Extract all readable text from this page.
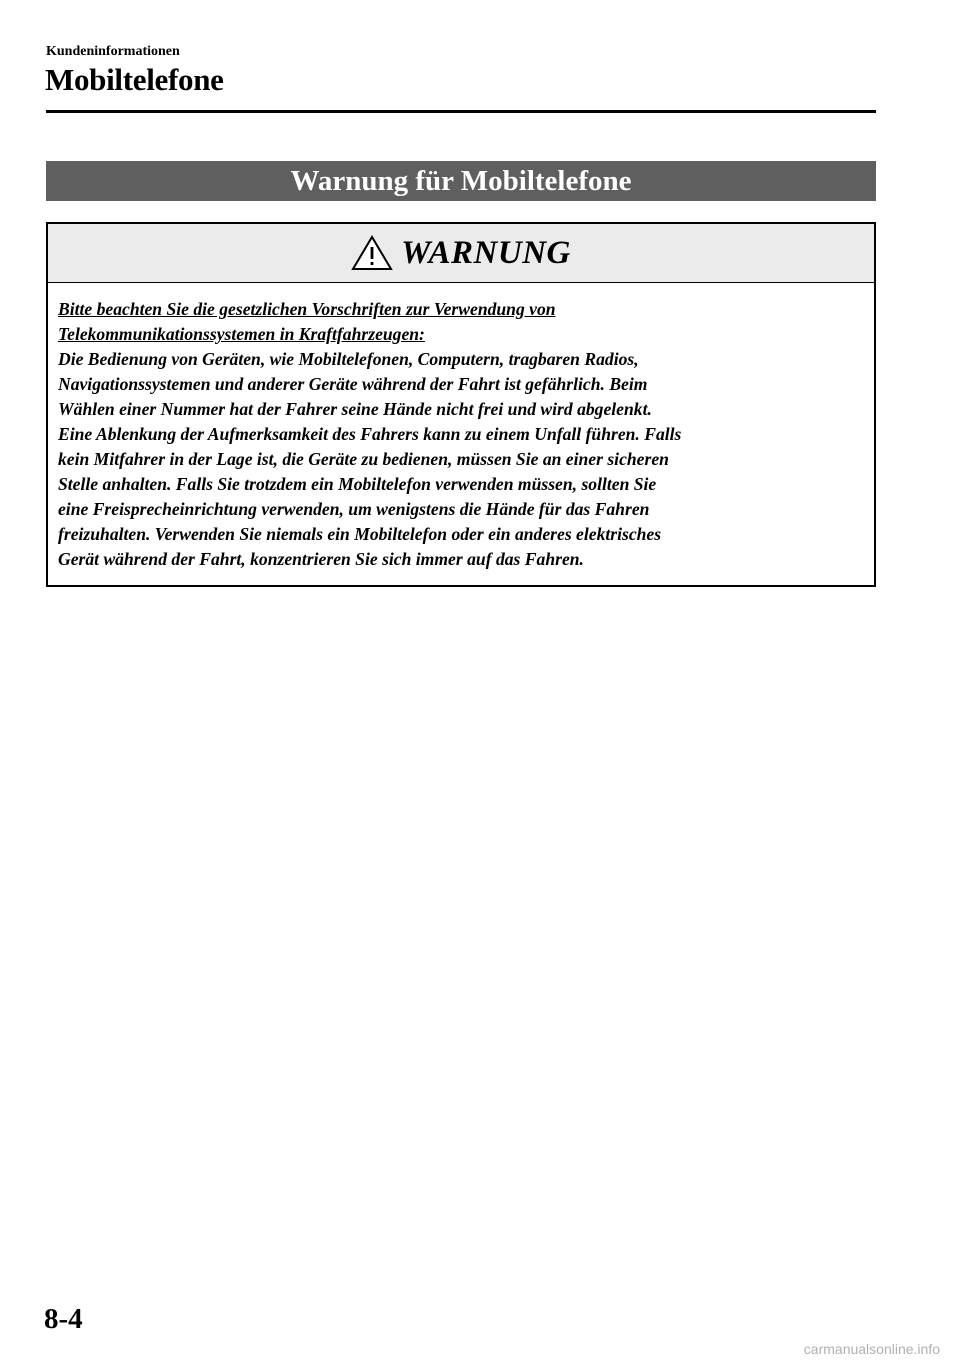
Kundeninformationen
Mobiltelefone
Warnung für Mobiltelefone
WARNUNG
Bitte beachten Sie die gesetzlichen Vorschriften zur Verwendung von
Telekommunikationssystemen in Kraftfahrzeugen:
Die Bedienung von Geräten, wie Mobiltelefonen, Computern, tragbaren Radios,
Navigationssystemen und anderer Geräte während der Fahrt ist gefährlich. Beim
Wählen einer Nummer hat der Fahrer seine Hände nicht frei und wird abgelenkt.
Eine Ablenkung der Aufmerksamkeit des Fahrers kann zu einem Unfall führen. Falls
kein Mitfahrer in der Lage ist, die Geräte zu bedienen, müssen Sie an einer sicheren
Stelle anhalten. Falls Sie trotzdem ein Mobiltelefon verwenden müssen, sollten Sie
eine Freisprecheinrichtung verwenden, um wenigstens die Hände für das Fahren
freizuhalten. Verwenden Sie niemals ein Mobiltelefon oder ein anderes elektrisches
Gerät während der Fahrt, konzentrieren Sie sich immer auf das Fahren.
8-4
carmanualsonline.info
